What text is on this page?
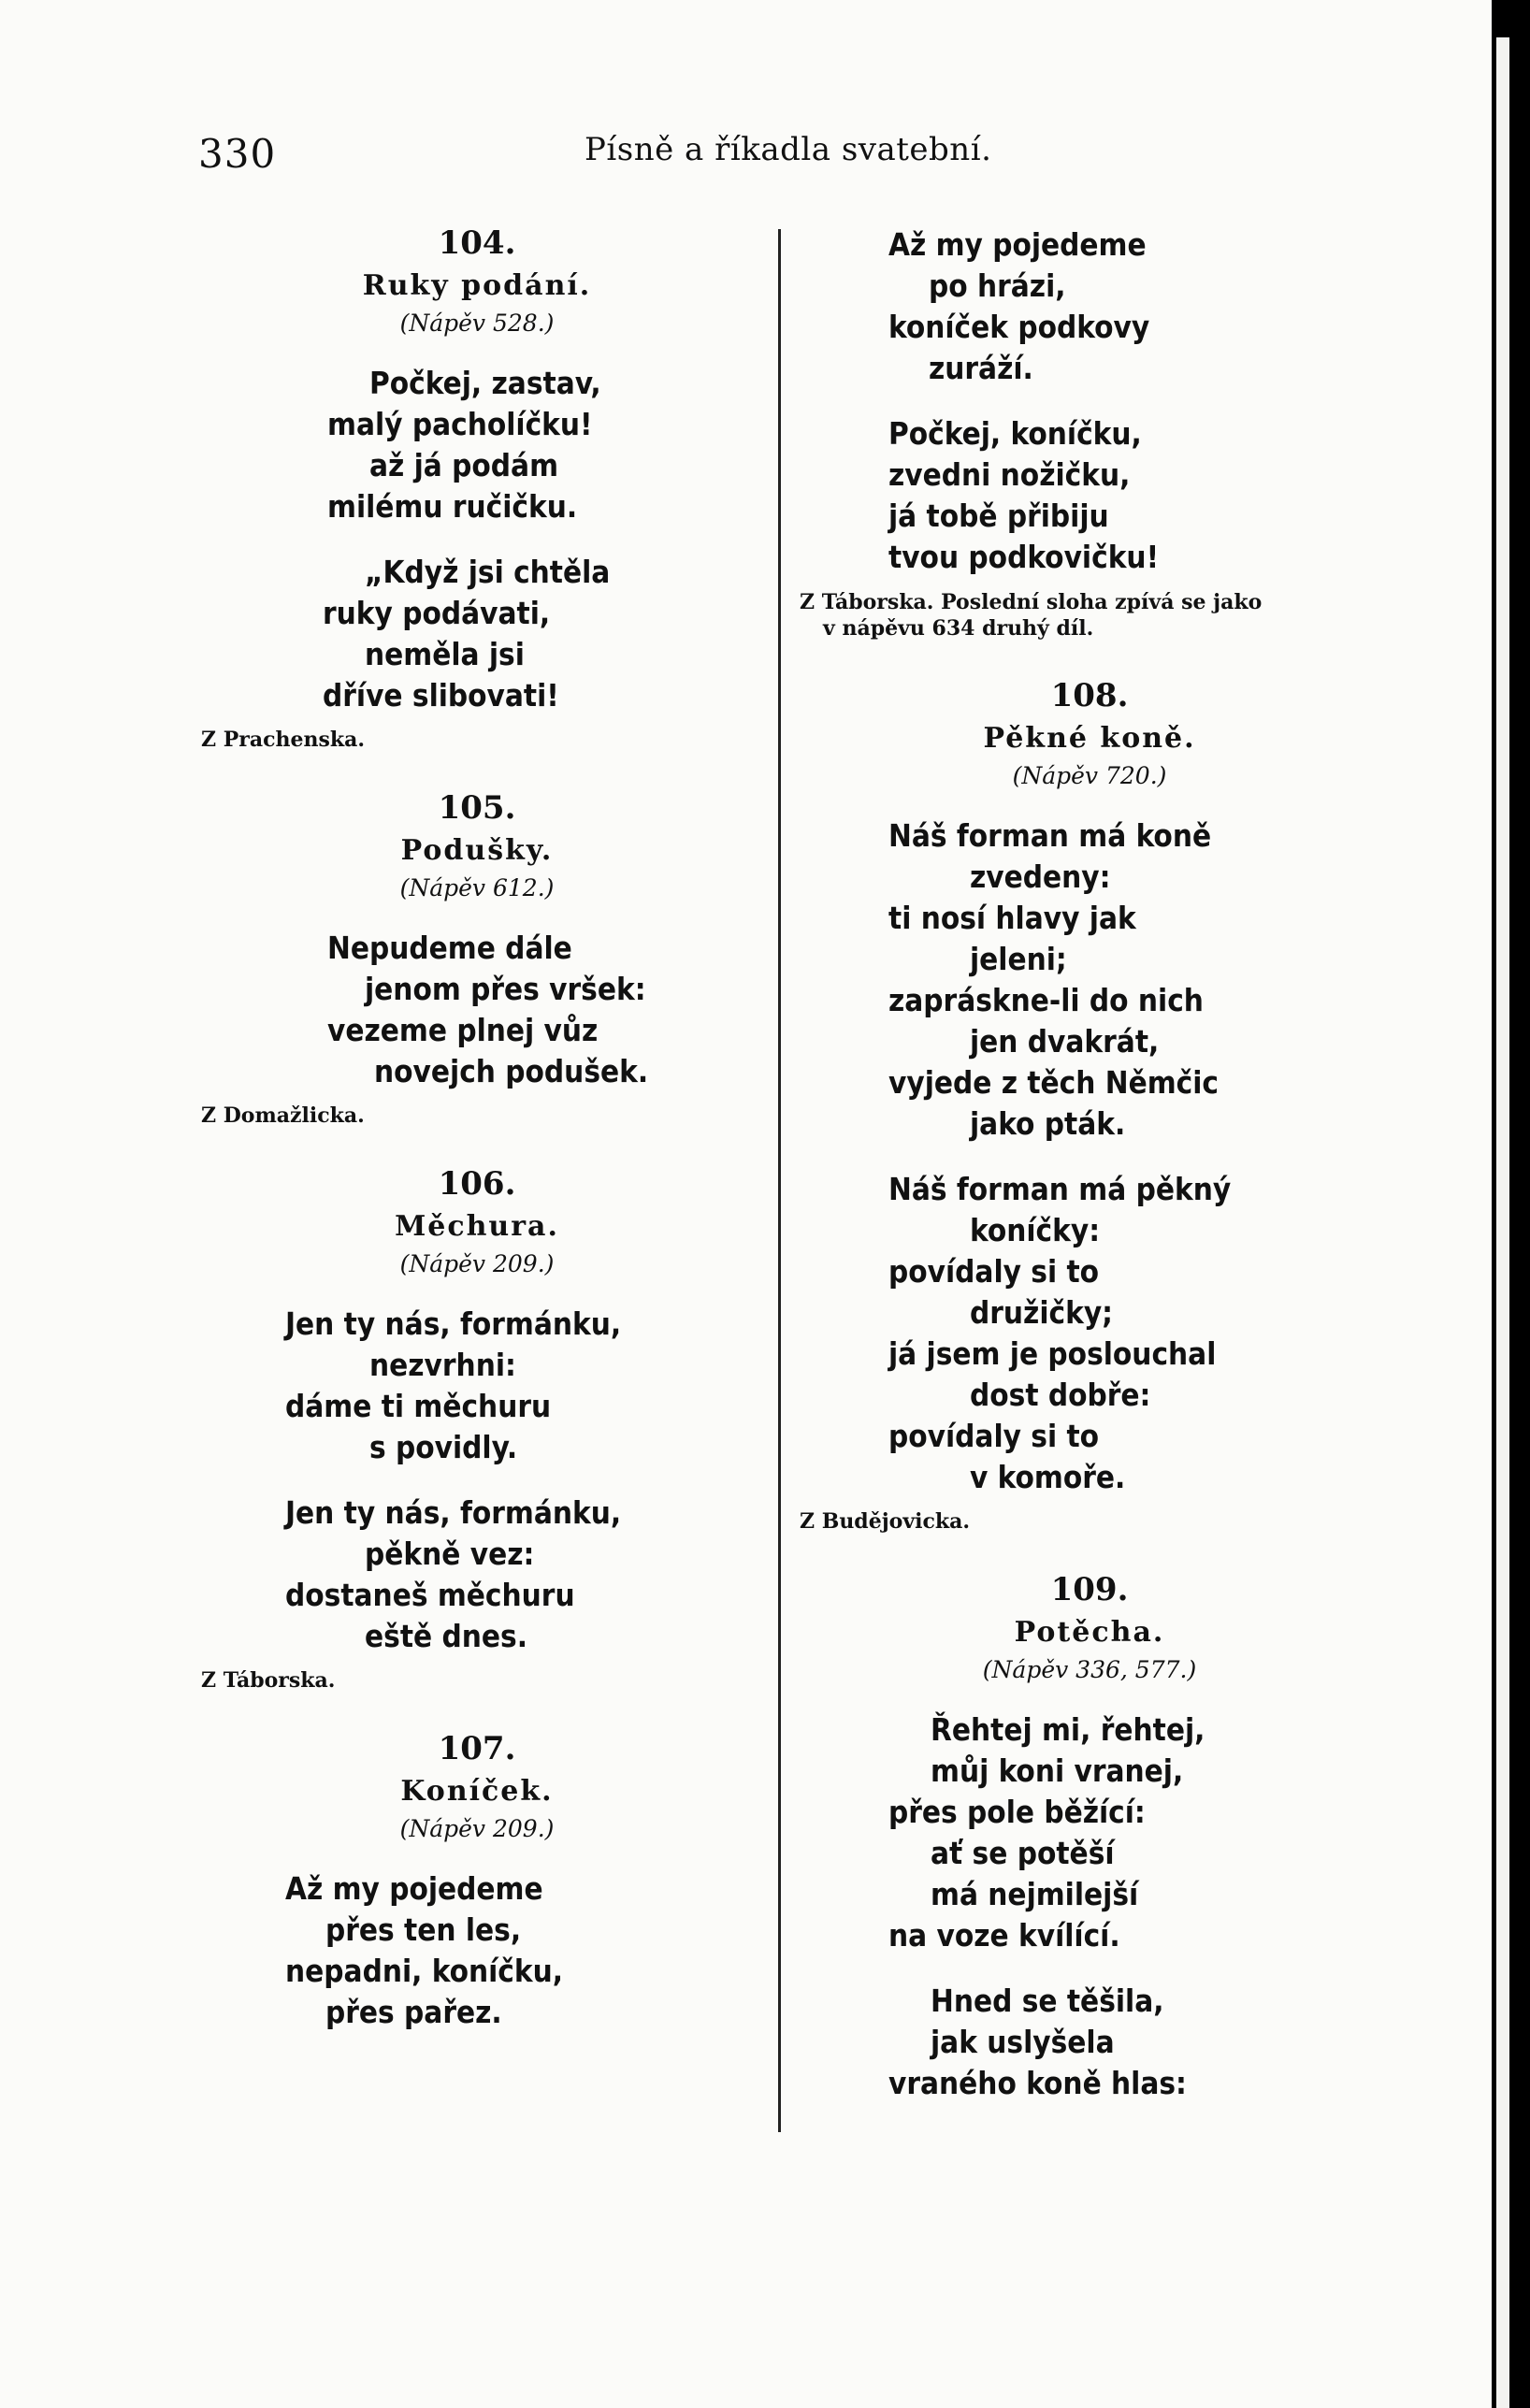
330	Písně a říkadla svatební.
104.
Ruky podání.
(Nápěv 528.)
Počkej, zastav,
malý pacholíčku!
až já podám
milému ručičku.
„Když jsi chtěla
ruky podávati,
neměla jsi
dříve slibovati!
Z Prachenska.
105.
Podušky.
(Nápěv 612.)
Nepudeme dále
jenom přes vršek:
vezeme plnej vůz
novejch podušek.
Z Domažlicka.
106.
Měchura.
(Nápěv 209.)
Jen ty nás, formánku,
nezvrhni:
dáme ti měchuru
s povidly.
Jen ty nás, formánku,
pěkně vez:
dostaneš měchuru
eště dnes.
Z Táborska.
107.
Koníček.
(Nápěv 209.)
Až my pojedeme
přes ten les,
nepadni, koníčku,
přes pařez.
Až my pojedeme
po hrázi,
koníček podkovy
zuráží.
Počkej, koníčku,
zvedni nožičku,
já tobě přibiju
tvou podkovičku!
Z Táborska. Poslední sloha zpívá se jako
v nápěvu 634 druhý díl.
108.
Pěkné koně.
(Nápěv 720.)
Náš forman má koně
zvedeny:
ti nosí hlavy jak
jeleni;
zapráskne-li do nich
jen dvakrát,
vyjede z těch Němčic
jako pták.
Náš forman má pěkný
koníčky:
povídaly si to
družičky;
já jsem je poslouchal
dost dobře:
povídaly si to
v komoře.
Z Budějovicka.
109.
Potěcha.
(Nápěv 336, 577.)
Řehtej mi, řehtej,
můj koni vranej,
přes pole běžící:
ať se potěší
má nejmilejší
na voze kvílící.
Hned se těšila,
jak uslyšela
vraného koně hlas:
